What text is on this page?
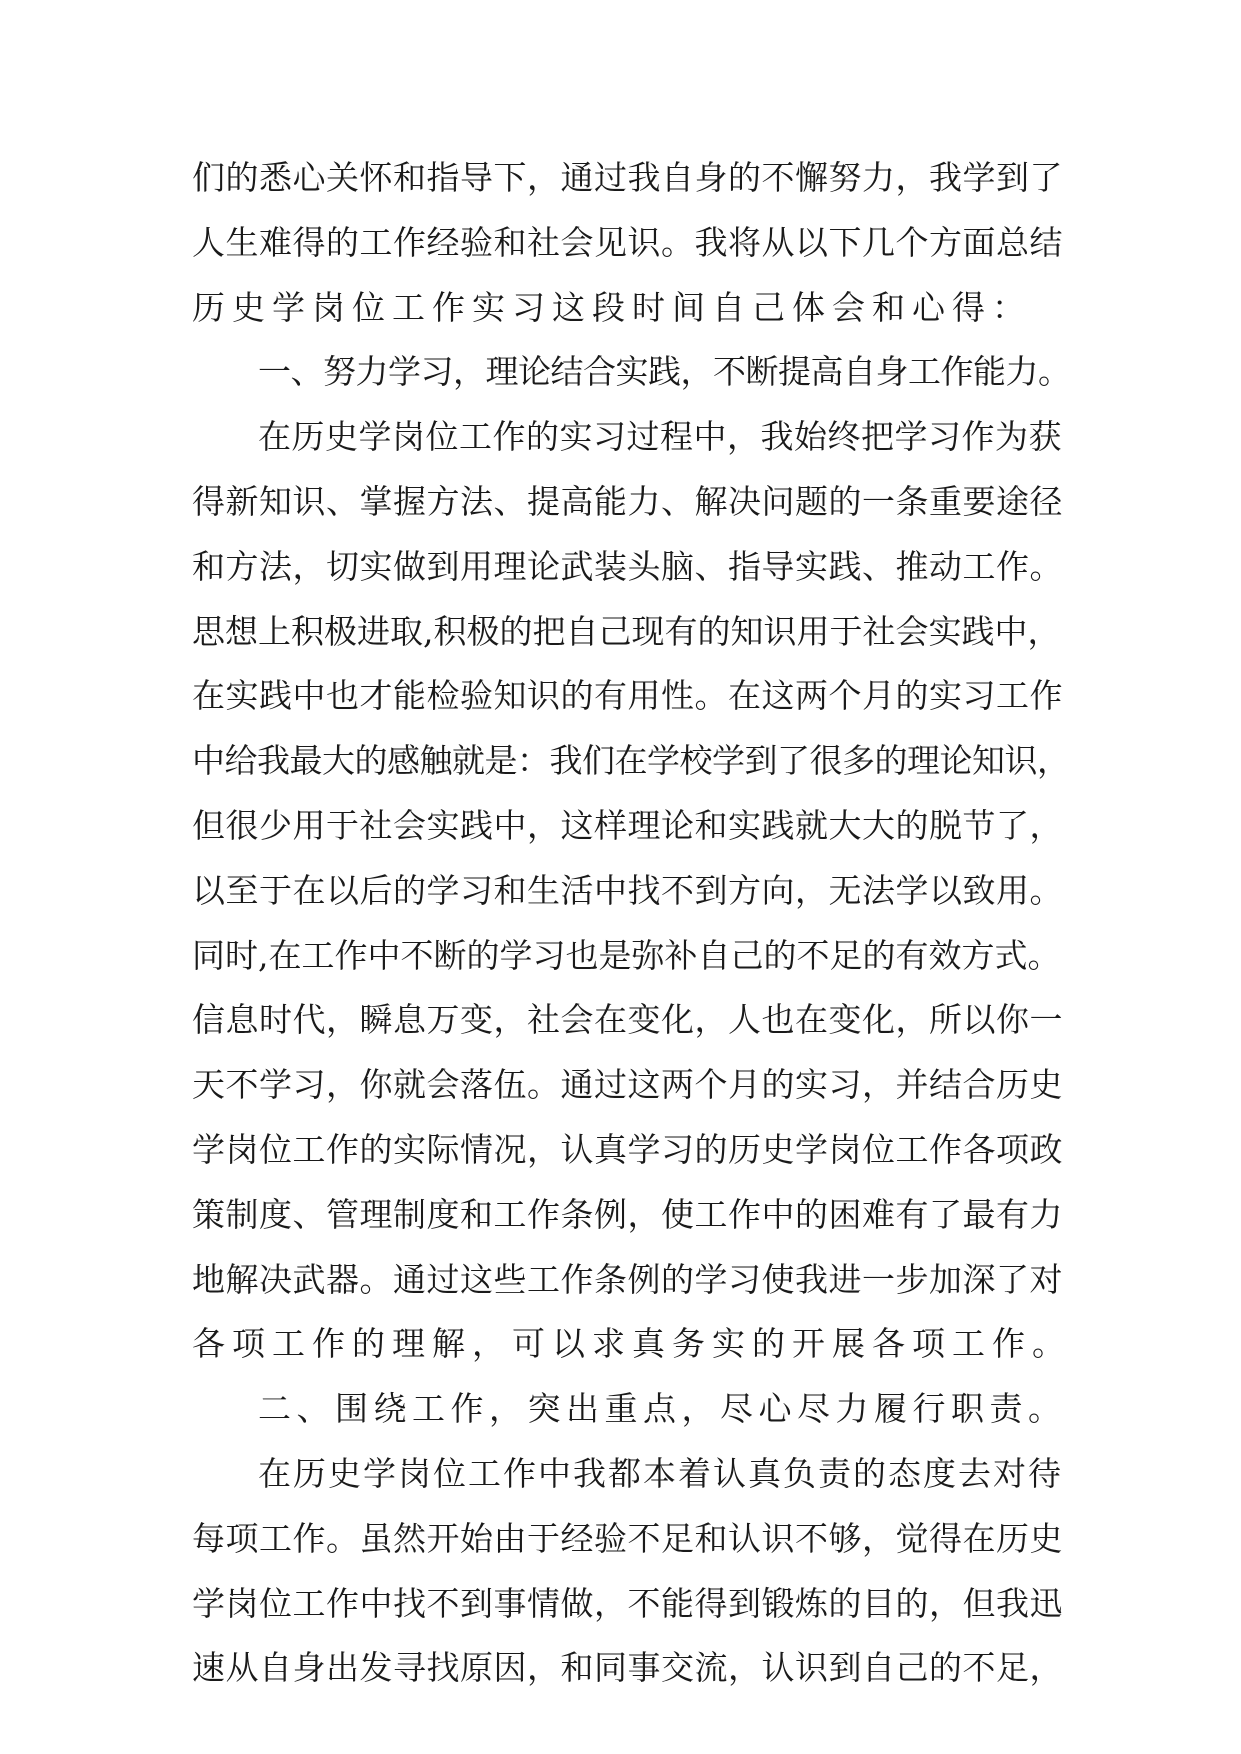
们的悉心关怀和指导下，通过我自身的不懈努力，我学到了
人生难得的工作经验和社会见识。我将从以下几个方面总结
历史学岗位工作实习这段时间自己体会和心得：
一、努力学习，理论结合实践，不断提高自身工作能力。
在历史学岗位工作的实习过程中，我始终把学习作为获
得新知识、掌握方法、提高能力、解决问题的一条重要途径
和方法，切实做到用理论武装头脑、指导实践、推动工作。
思想上积极进取,积极的把自己现有的知识用于社会实践中，
在实践中也才能检验知识的有用性。在这两个月的实习工作
中给我最大的感触就是：我们在学校学到了很多的理论知识，
但很少用于社会实践中，这样理论和实践就大大的脱节了，
以至于在以后的学习和生活中找不到方向，无法学以致用。
同时,在工作中不断的学习也是弥补自己的不足的有效方式。
信息时代，瞬息万变，社会在变化，人也在变化，所以你一
天不学习，你就会落伍。通过这两个月的实习，并结合历史
学岗位工作的实际情况，认真学习的历史学岗位工作各项政
策制度、管理制度和工作条例，使工作中的困难有了最有力
地解决武器。通过这些工作条例的学习使我进一步加深了对
各项工作的理解，可以求真务实的开展各项工作。
二、围绕工作，突出重点，尽心尽力履行职责。
在历史学岗位工作中我都本着认真负责的态度去对待
每项工作。虽然开始由于经验不足和认识不够，觉得在历史
学岗位工作中找不到事情做，不能得到锻炼的目的，但我迅
速从自身出发寻找原因，和同事交流，认识到自己的不足，
